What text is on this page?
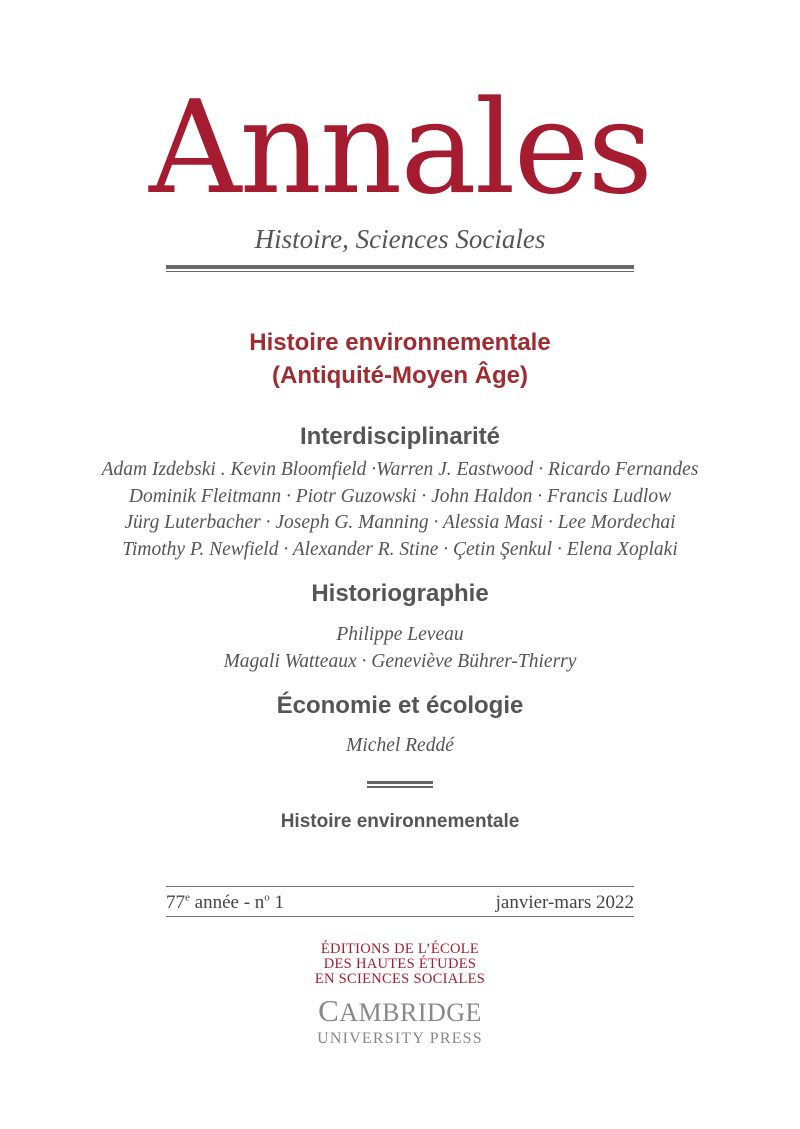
Annales
Histoire, Sciences Sociales
Histoire environnementale
(Antiquité-Moyen Âge)
Interdisciplinarité
Adam Izdebski . Kevin Bloomfield ·Warren J. Eastwood · Ricardo Fernandes
Dominik Fleitmann · Piotr Guzowski · John Haldon · Francis Ludlow
Jürg Luterbacher · Joseph G. Manning · Alessia Masi · Lee Mordechai
Timothy P. Newfield · Alexander R. Stine · Çetin Şenkul · Elena Xoplaki
Historiographie
Philippe Leveau
Magali Watteaux · Geneviève Bührer-Thierry
Économie et écologie
Michel Reddé
Histoire environnementale
77e année - $n^o$ 1	janvier-mars 2022
ÉDITIONS DE L’ÉCOLE
DES HAUTES ÉTUDES
EN SCIENCES SOCIALES
CAMBRIDGE
UNIVERSITY PRESS
